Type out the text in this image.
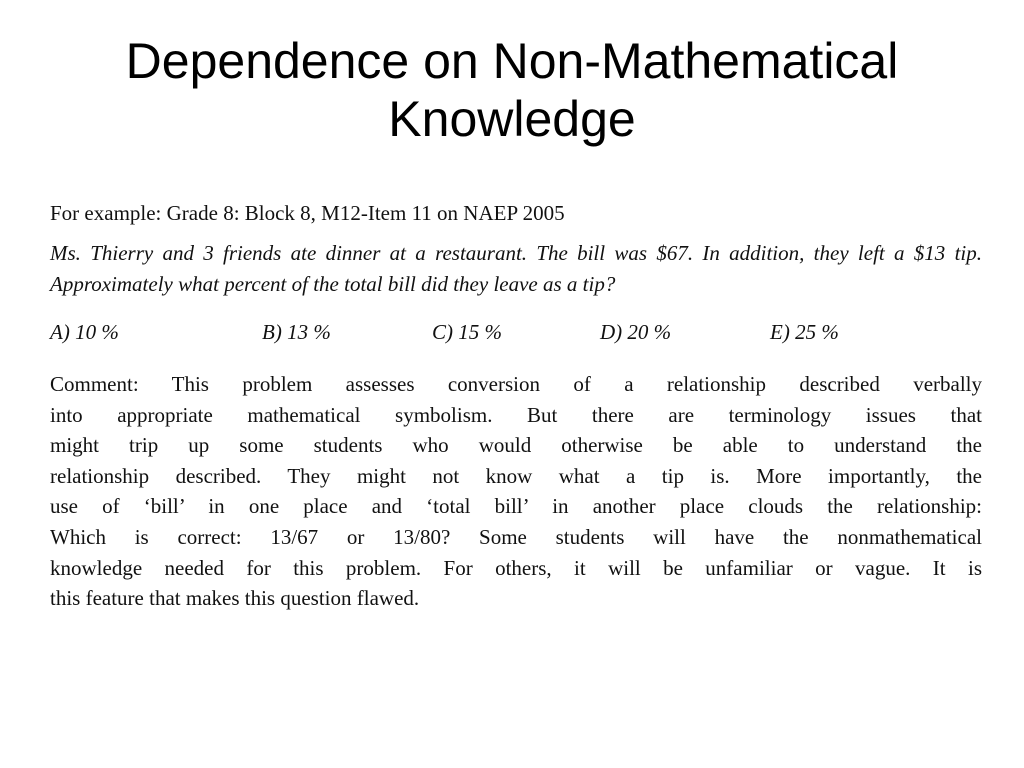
Dependence on Non-Mathematical
Knowledge

For example: Grade 8: Block 8, M12-Item 11 on NAEP 2005

Ms. Thierry and 3 friends ate dinner at a restaurant. The bill was $67. In addition, they left a $13 tip. Approximately what percent of the total bill did they leave as a tip?

A) 10 %	B) 13 %	C) 15 %	D) 20 %	E) 25 %
Comment: This problem assesses conversion of a relationship described verbally
into appropriate mathematical symbolism. But there are terminology issues that
might trip up some students who would otherwise be able to understand the
relationship described. They might not know what a tip is. More importantly, the
use of ‘bill’ in one place and ‘total bill’ in another place clouds the relationship:
Which is correct: 13/67 or 13/80? Some students will have the nonmathematical
knowledge needed for this problem. For others, it will be unfamiliar or vague. It is
this feature that makes this question flawed.
